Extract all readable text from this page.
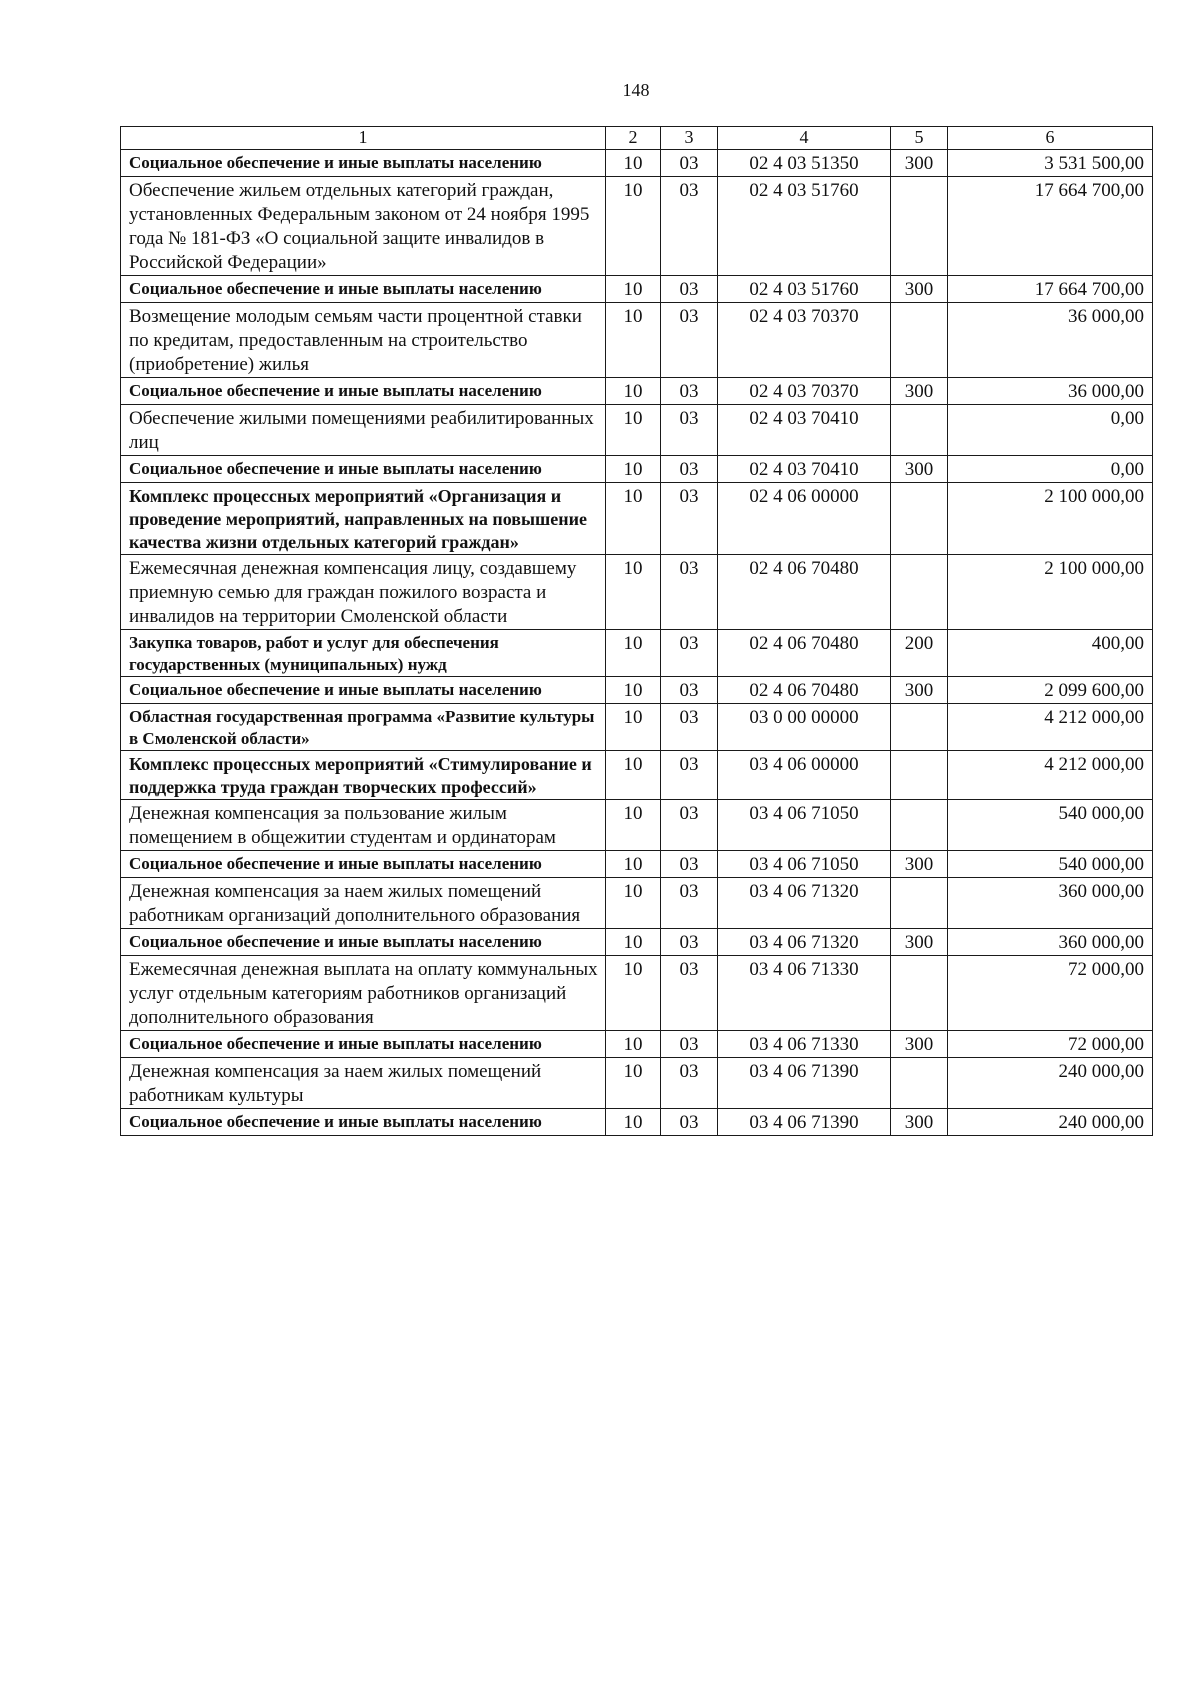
148
1	2	3	4	5	6
Социальное обеспечение и иные выплаты населению	10	03	02 4 03 51350	300	3 531 500,00
Обеспечение жильем отдельных категорий граждан, установленных Федеральным законом от 24 ноября 1995 года № 181-ФЗ «О социальной защите инвалидов в Российской Федерации»	10	03	02 4 03 51760		17 664 700,00
Социальное обеспечение и иные выплаты населению	10	03	02 4 03 51760	300	17 664 700,00
Возмещение молодым семьям части процентной ставки по кредитам, предоставленным на строительство (приобретение) жилья	10	03	02 4 03 70370		36 000,00
Социальное обеспечение и иные выплаты населению	10	03	02 4 03 70370	300	36 000,00
Обеспечение жилыми помещениями реабилитированных лиц	10	03	02 4 03 70410		0,00
Социальное обеспечение и иные выплаты населению	10	03	02 4 03 70410	300	0,00
Комплекс процессных мероприятий «Организация и проведение мероприятий, направленных на повышение качества жизни отдельных категорий граждан»	10	03	02 4 06 00000		2 100 000,00
Ежемесячная денежная компенсация лицу, создавшему приемную семью для граждан пожилого возраста и инвалидов на территории Смоленской области	10	03	02 4 06 70480		2 100 000,00
Закупка товаров, работ и услуг для обеспечения государственных (муниципальных) нужд	10	03	02 4 06 70480	200	400,00
Социальное обеспечение и иные выплаты населению	10	03	02 4 06 70480	300	2 099 600,00
Областная государственная программа «Развитие культуры в Смоленской области»	10	03	03 0 00 00000		4 212 000,00
Комплекс процессных мероприятий «Стимулирование и поддержка труда граждан творческих профессий»	10	03	03 4 06 00000		4 212 000,00
Денежная компенсация за пользование жилым помещением в общежитии студентам и ординаторам	10	03	03 4 06 71050		540 000,00
Социальное обеспечение и иные выплаты населению	10	03	03 4 06 71050	300	540 000,00
Денежная компенсация за наем жилых помещений работникам организаций дополнительного образования	10	03	03 4 06 71320		360 000,00
Социальное обеспечение и иные выплаты населению	10	03	03 4 06 71320	300	360 000,00
Ежемесячная денежная выплата на оплату коммунальных услуг отдельным категориям работников организаций дополнительного образования	10	03	03 4 06 71330		72 000,00
Социальное обеспечение и иные выплаты населению	10	03	03 4 06 71330	300	72 000,00
Денежная компенсация за наем жилых помещений работникам культуры	10	03	03 4 06 71390		240 000,00
Социальное обеспечение и иные выплаты населению	10	03	03 4 06 71390	300	240 000,00
